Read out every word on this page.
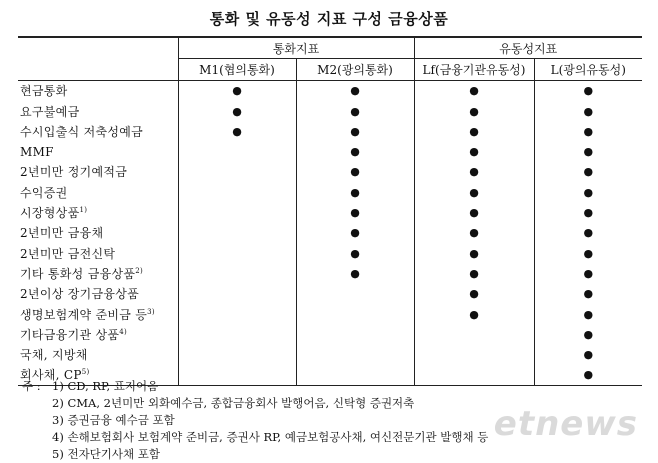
통화 및 유동성 지표 구성 금융상품
	통화지표		유동성지표	
	M1(협의통화)	M2(광의통화)	Lf(금융기관유동성)	L(광의유동성)
현금통화	●	●	●	●
요구불예금	●	●	●	●
수시입출식 저축성예금	●	●	●	●
MMF		●	●	●
2년미만 정기예적금		●	●	●
수익증권		●	●	●
시장형상품$^{1)}$		●	●	●
2년미만 금융채		●	●	●
2년미만 금전신탁		●	●	●
기타 통화성 금융상품$^{2)}$		●	●	●
2년이상 장기금융상품			●	●
생명보험계약 준비금 등$^{3)}$			●	●
기타금융기관 상품$^{4)}$				●
국채, 지방채				●
회사채, CP$^{5)}$				●
주 : 1) CD, RP, 표지어음
2) CMA, 2년미만 외화예수금, 종합금융회사 발행어음, 신탁형 증권저축
3) 증권금융 예수금 포함
4) 손해보험회사 보험계약 준비금, 증권사 RP, 예금보험공사채, 여신전문기관 발행채 등
5) 전자단기사채 포함
etnews
